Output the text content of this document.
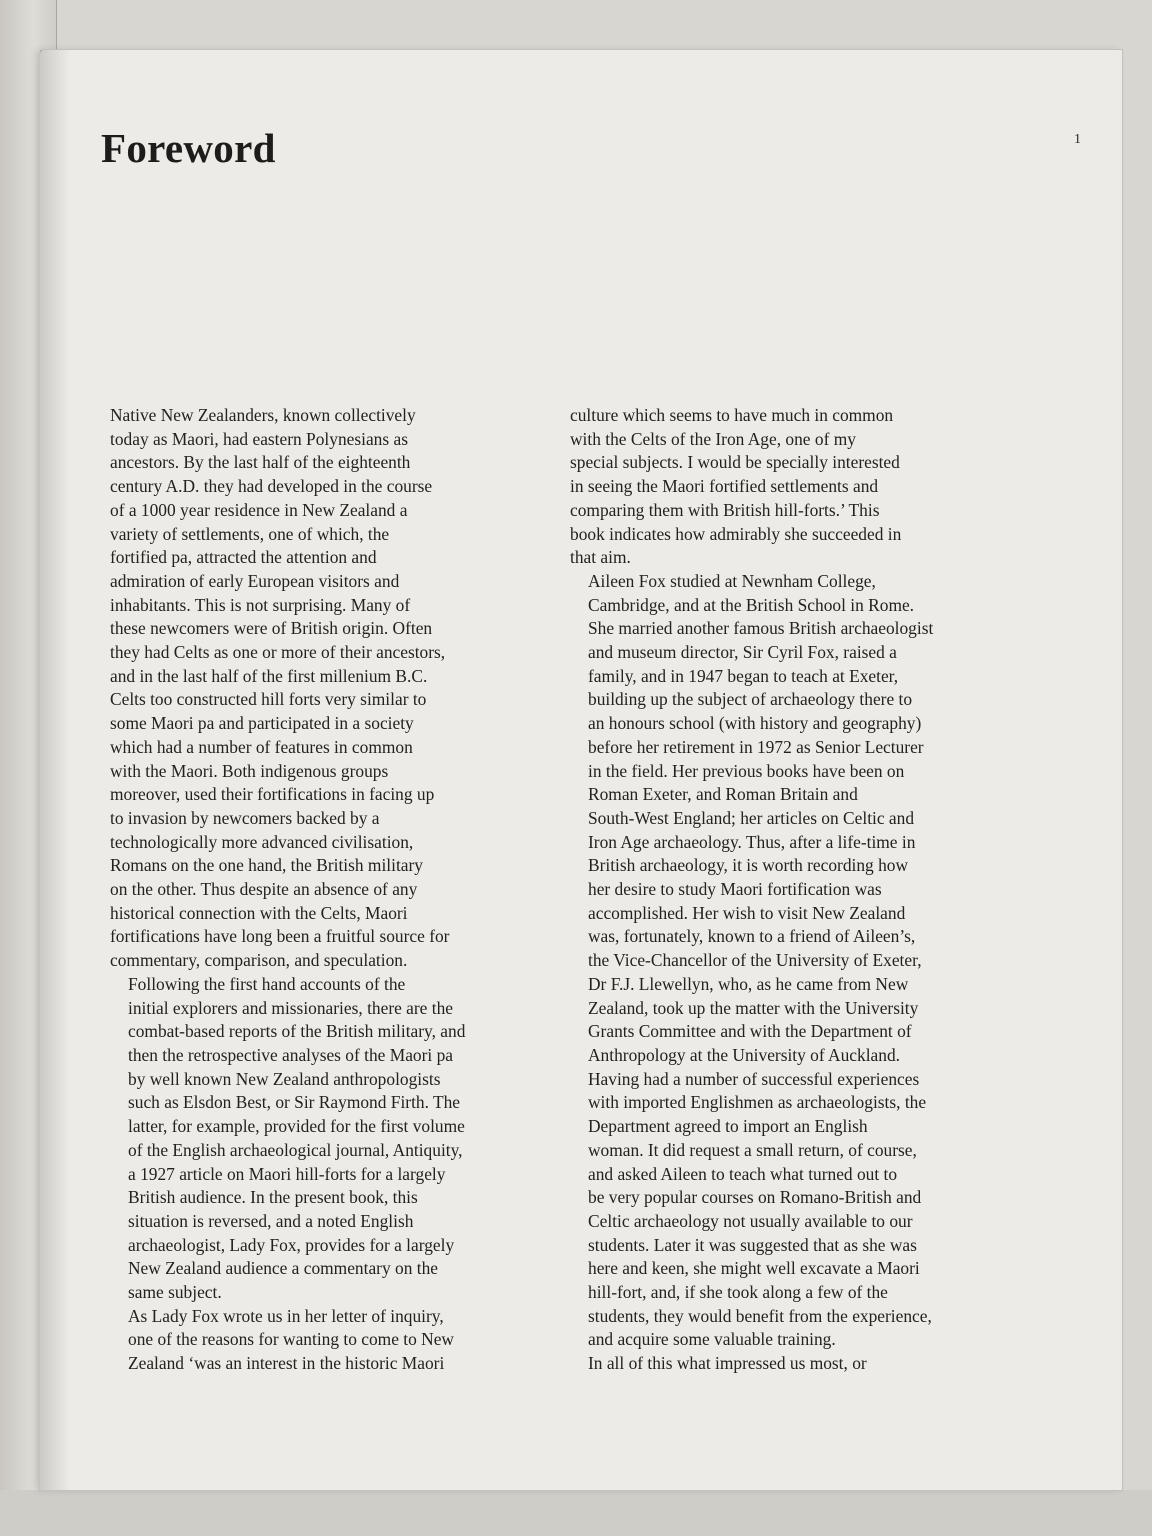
Foreword	1

Native New Zealanders, known collectively
today as Maori, had eastern Polynesians as
ancestors. By the last half of the eighteenth
century A.D. they had developed in the course
of a 1000 year residence in New Zealand a
variety of settlements, one of which, the
fortified pa, attracted the attention and
admiration of early European visitors and
inhabitants. This is not surprising. Many of
these newcomers were of British origin. Often
they had Celts as one or more of their ancestors,
and in the last half of the first millenium B.C.
Celts too constructed hill forts very similar to
some Maori pa and participated in a society
which had a number of features in common
with the Maori. Both indigenous groups
moreover, used their fortifications in facing up
to invasion by newcomers backed by a
technologically more advanced civilisation,
Romans on the one hand, the British military
on the other. Thus despite an absence of any
historical connection with the Celts, Maori
fortifications have long been a fruitful source for
commentary, comparison, and speculation.

Following the first hand accounts of the
initial explorers and missionaries, there are the
combat-based reports of the British military, and
then the retrospective analyses of the Maori pa
by well known New Zealand anthropologists
such as Elsdon Best, or Sir Raymond Firth. The
latter, for example, provided for the first volume
of the English archaeological journal, Antiquity,
a 1927 article on Maori hill-forts for a largely
British audience. In the present book, this
situation is reversed, and a noted English
archaeologist, Lady Fox, provides for a largely
New Zealand audience a commentary on the
same subject.

As Lady Fox wrote us in her letter of inquiry,
one of the reasons for wanting to come to New
Zealand ‘was an interest in the historic Maori

culture which seems to have much in common
with the Celts of the Iron Age, one of my
special subjects. I would be specially interested
in seeing the Maori fortified settlements and
comparing them with British hill-forts.’ This
book indicates how admirably she succeeded in
that aim.

Aileen Fox studied at Newnham College,
Cambridge, and at the British School in Rome.
She married another famous British archaeologist
and museum director, Sir Cyril Fox, raised a
family, and in 1947 began to teach at Exeter,
building up the subject of archaeology there to
an honours school (with history and geography)
before her retirement in 1972 as Senior Lecturer
in the field. Her previous books have been on
Roman Exeter, and Roman Britain and
South-West England; her articles on Celtic and
Iron Age archaeology. Thus, after a life-time in
British archaeology, it is worth recording how
her desire to study Maori fortification was
accomplished. Her wish to visit New Zealand
was, fortunately, known to a friend of Aileen’s,
the Vice-Chancellor of the University of Exeter,
Dr F.J. Llewellyn, who, as he came from New
Zealand, took up the matter with the University
Grants Committee and with the Department of
Anthropology at the University of Auckland.
Having had a number of successful experiences
with imported Englishmen as archaeologists, the
Department agreed to import an English
woman. It did request a small return, of course,
and asked Aileen to teach what turned out to
be very popular courses on Romano-British and
Celtic archaeology not usually available to our
students. Later it was suggested that as she was
here and keen, she might well excavate a Maori
hill-fort, and, if she took along a few of the
students, they would benefit from the experience,
and acquire some valuable training.

In all of this what impressed us most, or
